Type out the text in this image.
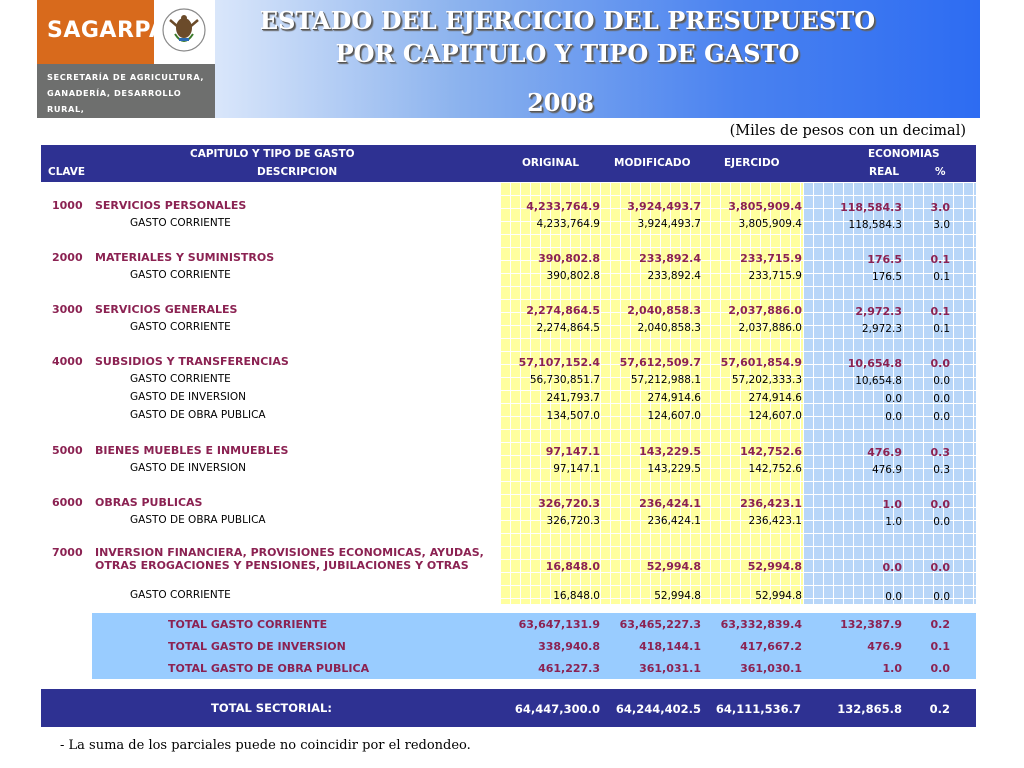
SAGARPA
SECRETARÍA DE AGRICULTURA,
GANADERÍA, DESARROLLO RURAL,
PESCA Y ALIMENTACIÓN
ESTADO DEL EJERCICIO DEL PRESUPUESTO
POR CAPITULO Y TIPO DE GASTO
2008
(Miles de pesos con un decimal)
CAPITULO Y TIPO DE GASTO
CLAVE	DESCRIPCION
ORIGINAL	MODIFICADO	EJERCIDO
ECONOMIAS
REAL	%
1000 SERVICIOS PERSONALES	4,233,764.9	3,924,493.7	3,805,909.4	118,584.3	3.0
GASTO CORRIENTE	4,233,764.9	3,924,493.7	3,805,909.4	118,584.3	3.0
2000 MATERIALES Y SUMINISTROS	390,802.8	233,892.4	233,715.9	176.5	0.1
GASTO CORRIENTE	390,802.8	233,892.4	233,715.9	176.5	0.1
3000 SERVICIOS GENERALES	2,274,864.5	2,040,858.3	2,037,886.0	2,972.3	0.1
GASTO CORRIENTE	2,274,864.5	2,040,858.3	2,037,886.0	2,972.3	0.1
4000 SUBSIDIOS Y TRANSFERENCIAS	57,107,152.4	57,612,509.7	57,601,854.9	10,654.8	0.0
GASTO CORRIENTE	56,730,851.7	57,212,988.1	57,202,333.3	10,654.8	0.0
GASTO DE INVERSION	241,793.7	274,914.6	274,914.6	0.0	0.0
GASTO DE OBRA PUBLICA	134,507.0	124,607.0	124,607.0	0.0	0.0
5000 BIENES MUEBLES E INMUEBLES	97,147.1	143,229.5	142,752.6	476.9	0.3
GASTO DE INVERSION	97,147.1	143,229.5	142,752.6	476.9	0.3
6000 OBRAS PUBLICAS	326,720.3	236,424.1	236,423.1	1.0	0.0
GASTO DE OBRA PUBLICA	326,720.3	236,424.1	236,423.1	1.0	0.0
7000 INVERSION FINANCIERA, PROVISIONES ECONOMICAS, AYUDAS,
OTRAS EROGACIONES Y PENSIONES, JUBILACIONES Y OTRAS	16,848.0	52,994.8	52,994.8	0.0	0.0
GASTO CORRIENTE	16,848.0	52,994.8	52,994.8	0.0	0.0
TOTAL GASTO CORRIENTE	63,647,131.9	63,465,227.3	63,332,839.4	132,387.9	0.2
TOTAL GASTO DE INVERSION	338,940.8	418,144.1	417,667.2	476.9	0.1
TOTAL GASTO DE OBRA PUBLICA	461,227.3	361,031.1	361,030.1	1.0	0.0
TOTAL SECTORIAL:	64,447,300.0	64,244,402.5	64,111,536.7	132,865.8	0.2
- La suma de los parciales puede no coincidir por el redondeo.
